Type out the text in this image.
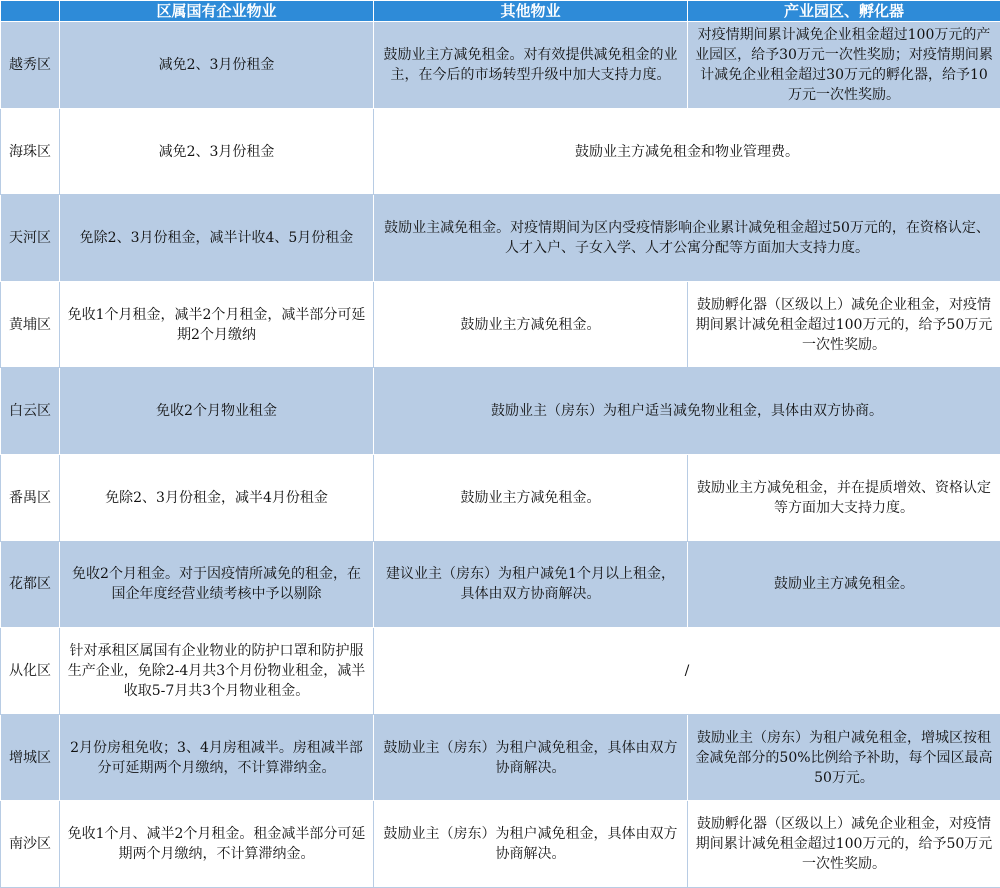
	区属国有企业物业	其他物业	产业园区、孵化器
越秀区	减免2、3月份租金	鼓励业主方减免租金。对有效提供减免租金的业主，在今后的市场转型升级中加大支持力度。	对疫情期间累计减免企业租金超过100万元的产业园区，给予30万元一次性奖励；对疫情期间累计减免企业租金超过30万元的孵化器，给予10万元一次性奖励。
海珠区	减免2、3月份租金	鼓励业主方减免租金和物业管理费。	
天河区	免除2、3月份租金，减半计收4、5月份租金	鼓励业主减免租金。对疫情期间为区内受疫情影响企业累计减免租金超过50万元的，在资格认定、人才入户、子女入学、人才公寓分配等方面加大支持力度。	
黄埔区	免收1个月租金，减半2个月租金，减半部分可延期2个月缴纳	鼓励业主方减免租金。	鼓励孵化器（区级以上）减免企业租金，对疫情期间累计减免租金超过100万元的，给予50万元一次性奖励。
白云区	免收2个月物业租金	鼓励业主（房东）为租户适当减免物业租金，具体由双方协商。	
番禺区	免除2、3月份租金，减半4月份租金	鼓励业主方减免租金。	鼓励业主方减免租金，并在提质增效、资格认定等方面加大支持力度。
花都区	免收2个月租金。对于因疫情所减免的租金，在国企年度经营业绩考核中予以剔除	建议业主（房东）为租户减免1个月以上租金，具体由双方协商解决。	鼓励业主方减免租金。
从化区	针对承租区属国有企业物业的防护口罩和防护服生产企业，免除2-4月共3个月份物业租金，减半收取5-7月共3个月物业租金。	/	
增城区	2月份房租免收；3、4月房租减半。房租减半部分可延期两个月缴纳，不计算滞纳金。	鼓励业主（房东）为租户减免租金，具体由双方协商解决。	鼓励业主（房东）为租户减免租金，增城区按租金减免部分的50%比例给予补助，每个园区最高50万元。
南沙区	免收1个月、减半2个月租金。租金减半部分可延期两个月缴纳，不计算滞纳金。	鼓励业主（房东）为租户减免租金，具体由双方协商解决。	鼓励孵化器（区级以上）减免企业租金，对疫情期间累计减免租金超过100万元的，给予50万元一次性奖励。
